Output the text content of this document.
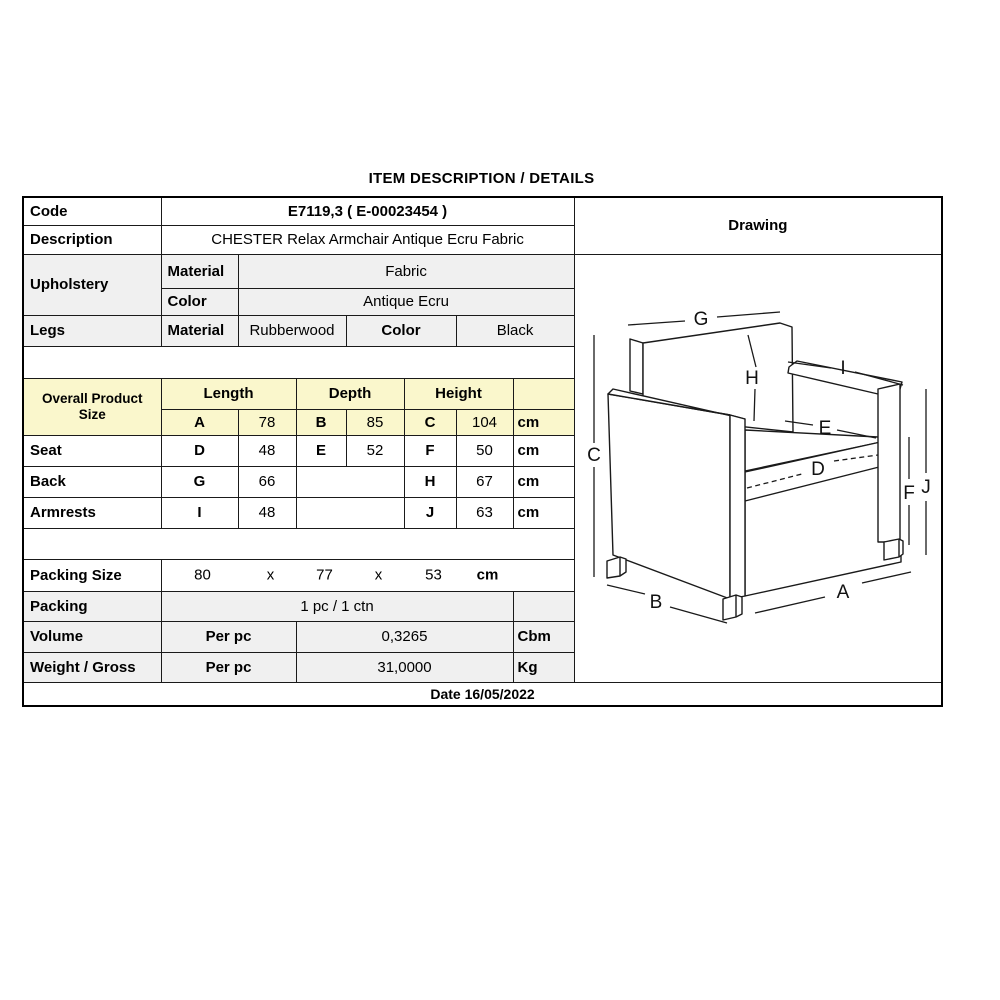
ITEM DESCRIPTION / DETAILS
Code	E7119,3 ( E-00023454 )							Drawing
Description	CHESTER Relax Armchair Antique Ecru Fabric							
Upholstery	Material	Fabric	
C
G
H	I
E
D
F J
A
B

	Color	Antique Ecru						
Legs	Material	Rubberwood		Color		Black		

Overall Product Size	Length		Depth		Height			
	A	78	B	85	C	104	cm	
Seat	D	48	E	52	F	50	cm	
Back	G	66			H	67	cm	
Armrests	I	48			J	63	cm	

Packing Size	80	x	77	x	53 cm

Packing	1 pc / 1 ctn							
Volume	Per pc		0,3265				Cbm	
Weight / Gross	Per pc		31,0000				Kg	
Date 16/05/2022								
